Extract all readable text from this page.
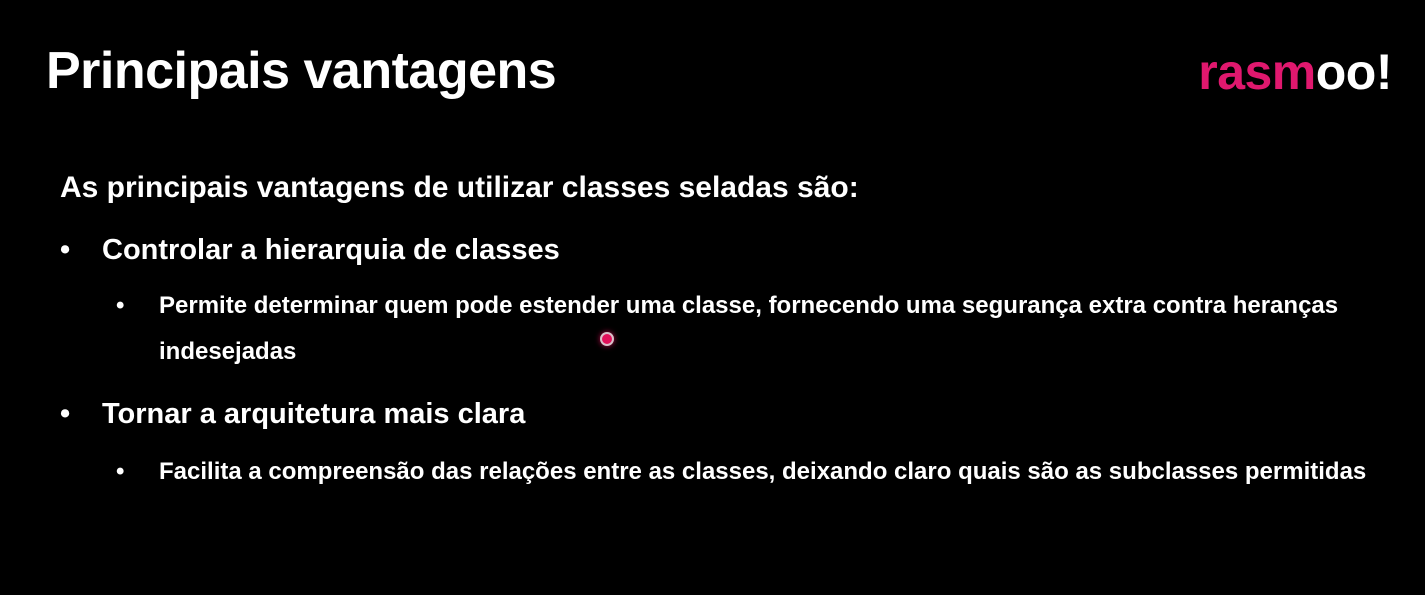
Principais vantagens	rasmoo!
As principais vantagens de utilizar classes seladas são:
• Controlar a hierarquia de classes
• Permite determinar quem pode estender uma classe, fornecendo uma segurança extra contra heranças indesejadas
• Tornar a arquitetura mais clara
• Facilita a compreensão das relações entre as classes, deixando claro quais são as subclasses permitidas
